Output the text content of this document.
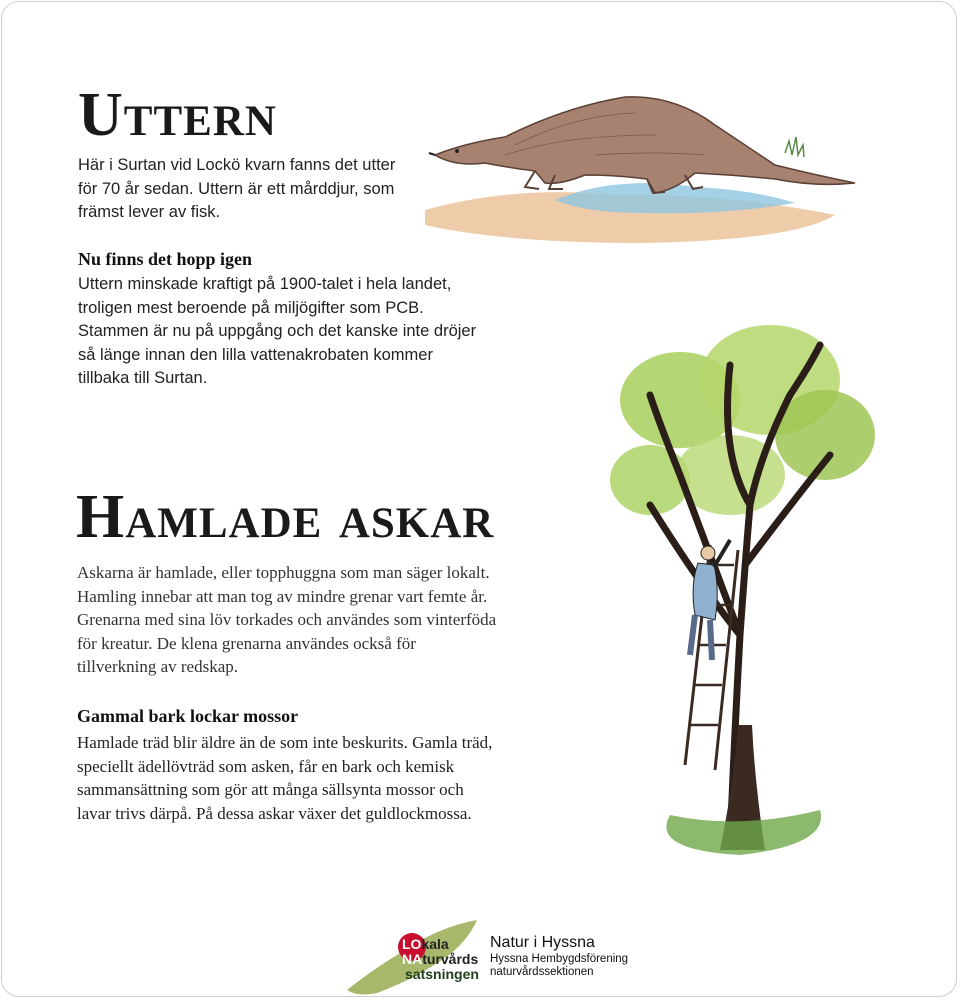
Uttern

Här i Surtan vid Lockö kvarn fanns det utter för 70 år sedan. Uttern är ett mårddjur, som främst lever av fisk.

Nu finns det hopp igen

Uttern minskade kraftigt på 1900-talet i hela landet, troligen mest beroende på miljögifter som PCB. Stammen är nu på uppgång och det kanske inte dröjer så länge innan den lilla vattenakrobaten kommer tillbaka till Surtan.

Hamlade askar

Askarna är hamlade, eller topphuggna som man säger lokalt. Hamling innebar att man tog av mindre grenar vart femte år. Grenarna med sina löv torkades och användes som vinterföda för kreatur. De klena grenarna användes också för tillverkning av redskap.

Gammal bark lockar mossor

Hamlade träd blir äldre än de som inte beskurits. Gamla träd, speciellt ädellövträd som asken, får en bark och kemisk sammansättning som gör att många sällsynta mossor och lavar trivs därpå. På dessa askar växer det guldlockmossa.

LOkala
NAturvårds
satsningen
Natur i Hyssna
Hyssna Hembygdsförening
naturvårdssektionen
